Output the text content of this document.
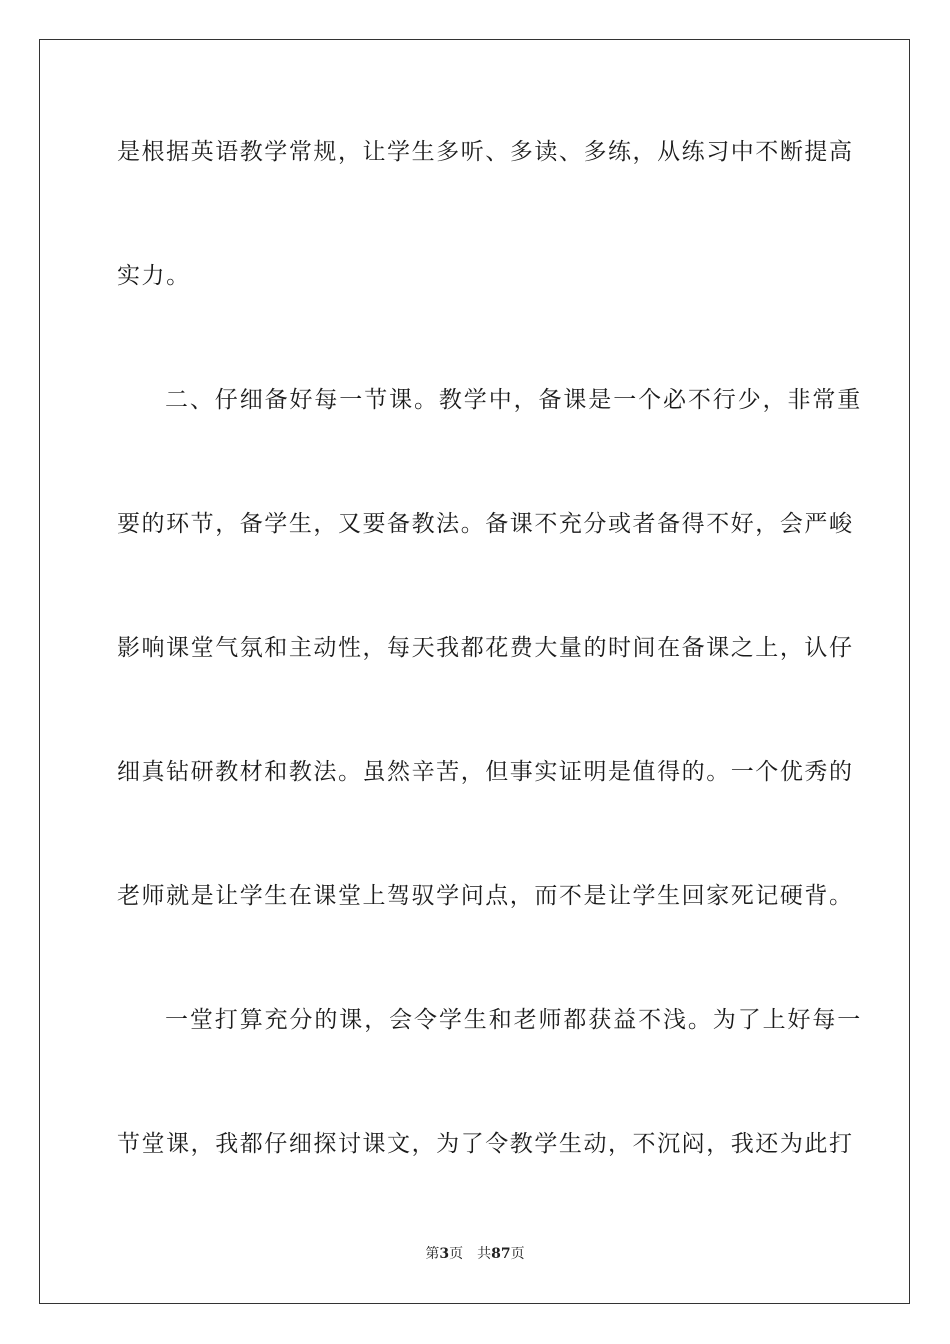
是根据英语教学常规，让学生多听、多读、多练，从练习中不断提高
实力。
二、仔细备好每一节课。教学中，备课是一个必不行少，非常重
要的环节，备学生，又要备教法。备课不充分或者备得不好，会严峻
影响课堂气氛和主动性，每天我都花费大量的时间在备课之上，认仔
细真钻研教材和教法。虽然辛苦，但事实证明是值得的。一个优秀的
老师就是让学生在课堂上驾驭学问点，而不是让学生回家死记硬背。
一堂打算充分的课，会令学生和老师都获益不浅。为了上好每一
节堂课，我都仔细探讨课文，为了令教学生动，不沉闷，我还为此打
第3页 共87页
